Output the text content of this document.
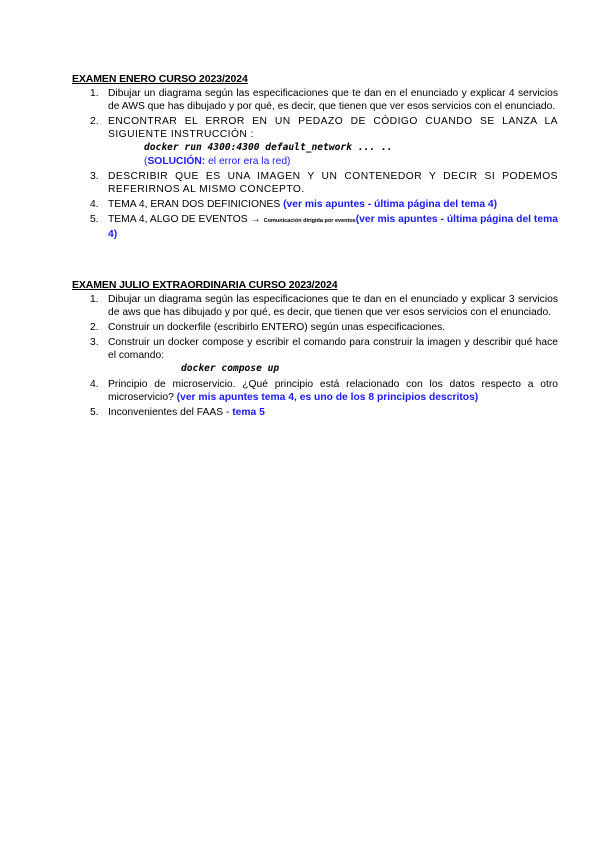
EXAMEN ENERO CURSO 2023/2024
1. Dibujar un diagrama según las especificaciones que te dan en el enunciado y explicar 4 servicios de AWS que has dibujado y por qué, es decir, que tienen que ver esos servicios con el enunciado.
2. ENCONTRAR EL ERROR EN UN PEDAZO DE CÓDIGO CUANDO SE LANZA LA SIGUIENTE INSTRUCCIÓN :
docker run 4300:4300 default_network ... ..
(SOLUCIÓN: el error era la red)
3. DESCRIBIR QUE ES UNA IMAGEN Y UN CONTENEDOR Y DECIR SI PODEMOS REFERIRNOS AL MISMO CONCEPTO.
4. TEMA 4, ERAN DOS DEFINICIONES (ver mis apuntes - última página del tema 4)
5. TEMA 4, ALGO DE EVENTOS → Comunicación dirigida por eventos(ver mis apuntes - última página del tema 4)
EXAMEN JULIO EXTRAORDINARIA CURSO 2023/2024
1. Dibujar un diagrama según las especificaciones que te dan en el enunciado y explicar 3 servicios de aws que has dibujado y por qué, es decir, que tienen que ver esos servicios con el enunciado.
2. Construir un dockerfile (escribirlo ENTERO) según unas especificaciones.
3. Construir un docker compose y escribir el comando para construir la imagen y describir qué hace el comando:
docker compose up
4. Principio de microservicio. ¿Qué principio está relacionado con los datos respecto a otro microservicio? (ver mis apuntes tema 4, es uno de los 8 principios descritos)
5. Inconvenientes del FAAS - tema 5
